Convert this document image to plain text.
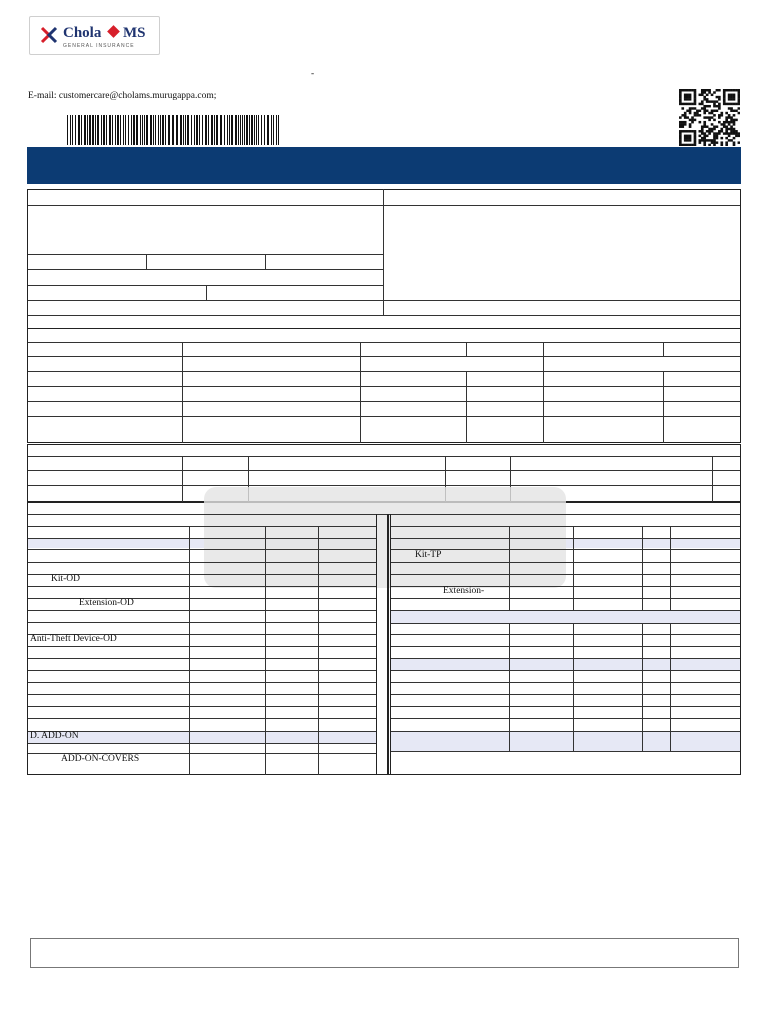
Chola MS
GENERAL INSURANCE
-
E-mail: customercare@cholams.murugappa.com;
Kit-OD
Extension-OD
Anti-Theft Device-OD
D. ADD-ON
ADD-ON-COVERS
Kit-TP
Extension-
